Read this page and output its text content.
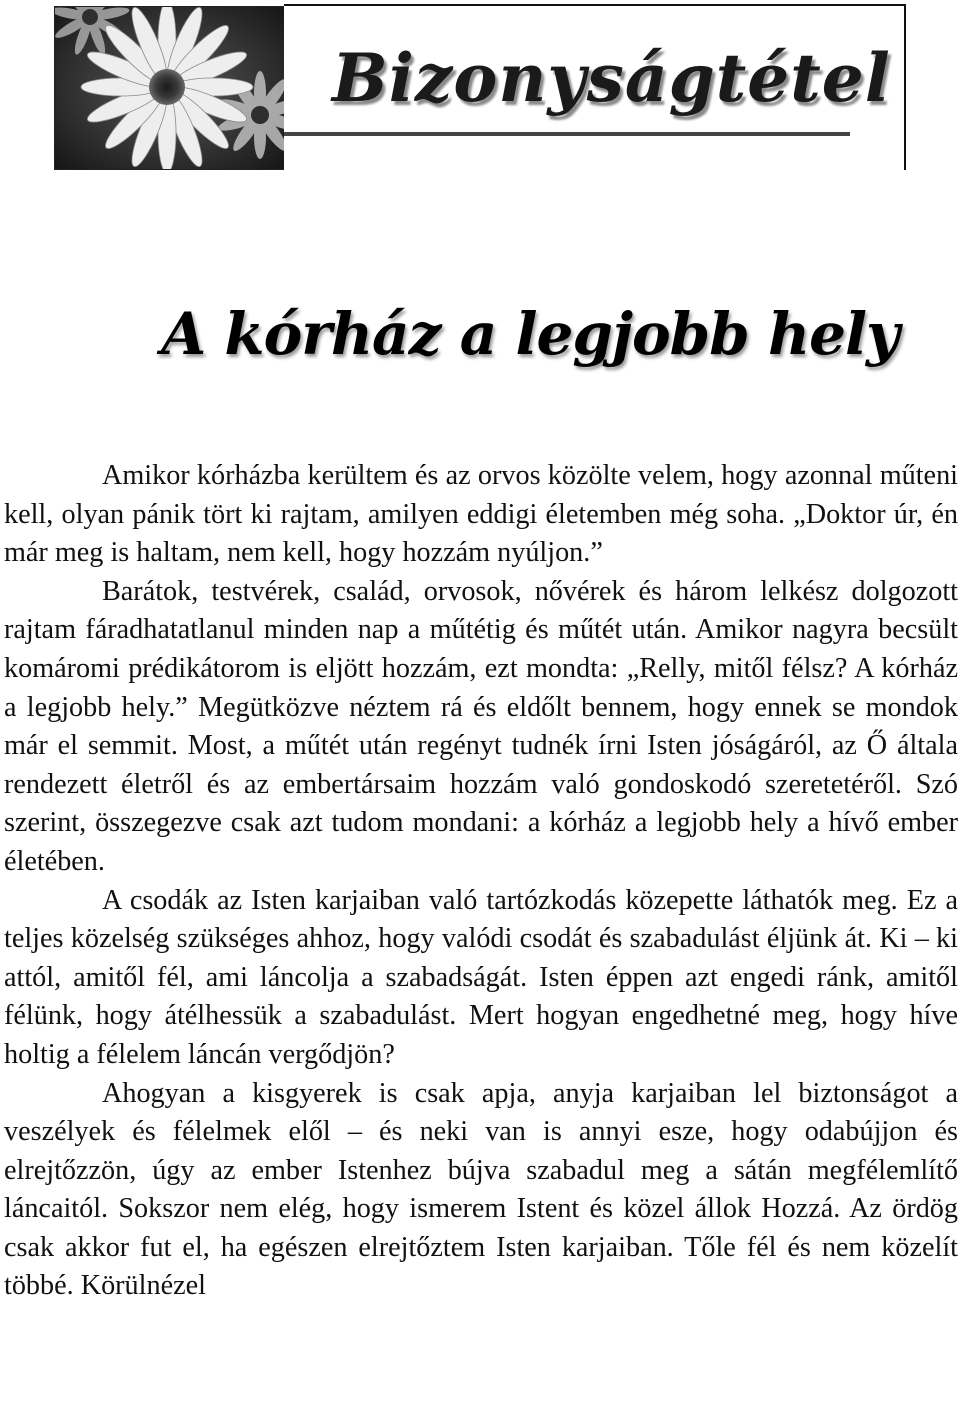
Bizonyságtétel
A kórház a legjobb hely

Amikor kórházba kerültem és az orvos közölte velem, hogy azonnal műteni kell, olyan pánik tört ki rajtam, amilyen eddigi életemben még soha. „Doktor úr, én már meg is haltam, nem kell, hogy hozzám nyúljon.”

Barátok, testvérek, család, orvosok, nővérek és három lelkész dolgozott rajtam fáradhatatlanul minden nap a műtétig és műtét után. Amikor nagyra becsült komáromi prédikátorom is eljött hozzám, ezt mondta: „Relly, mitől félsz? A kórház a legjobb hely.” Megütközve néztem rá és eldőlt bennem, hogy ennek se mondok már el semmit. Most, a műtét után regényt tudnék írni Isten jóságáról, az Ő általa rendezett életről és az embertársaim hozzám való gondoskodó szeretetéről. Szó szerint, összegezve csak azt tudom mondani: a kórház a legjobb hely a hívő ember életében.

A csodák az Isten karjaiban való tartózkodás közepette láthatók meg. Ez a teljes közelség szükséges ahhoz, hogy valódi csodát és szabadulást éljünk át. Ki – ki attól, amitől fél, ami láncolja a szabadságát. Isten éppen azt engedi ránk, amitől félünk, hogy átélhessük a szabadulást. Mert hogyan engedhetné meg, hogy híve holtig a félelem láncán vergődjön?

Ahogyan a kisgyerek is csak apja, anyja karjaiban lel biztonságot a veszélyek és félelmek elől – és neki van is annyi esze, hogy odabújjon és elrejtőzzön, úgy az ember Istenhez bújva szabadul meg a sátán megfélemlítő láncaitól. Sokszor nem elég, hogy ismerem Istent és közel állok Hozzá. Az ördög csak akkor fut el, ha egészen elrejtőztem Isten karjaiban. Tőle fél és nem közelít többé. Körülnézel
